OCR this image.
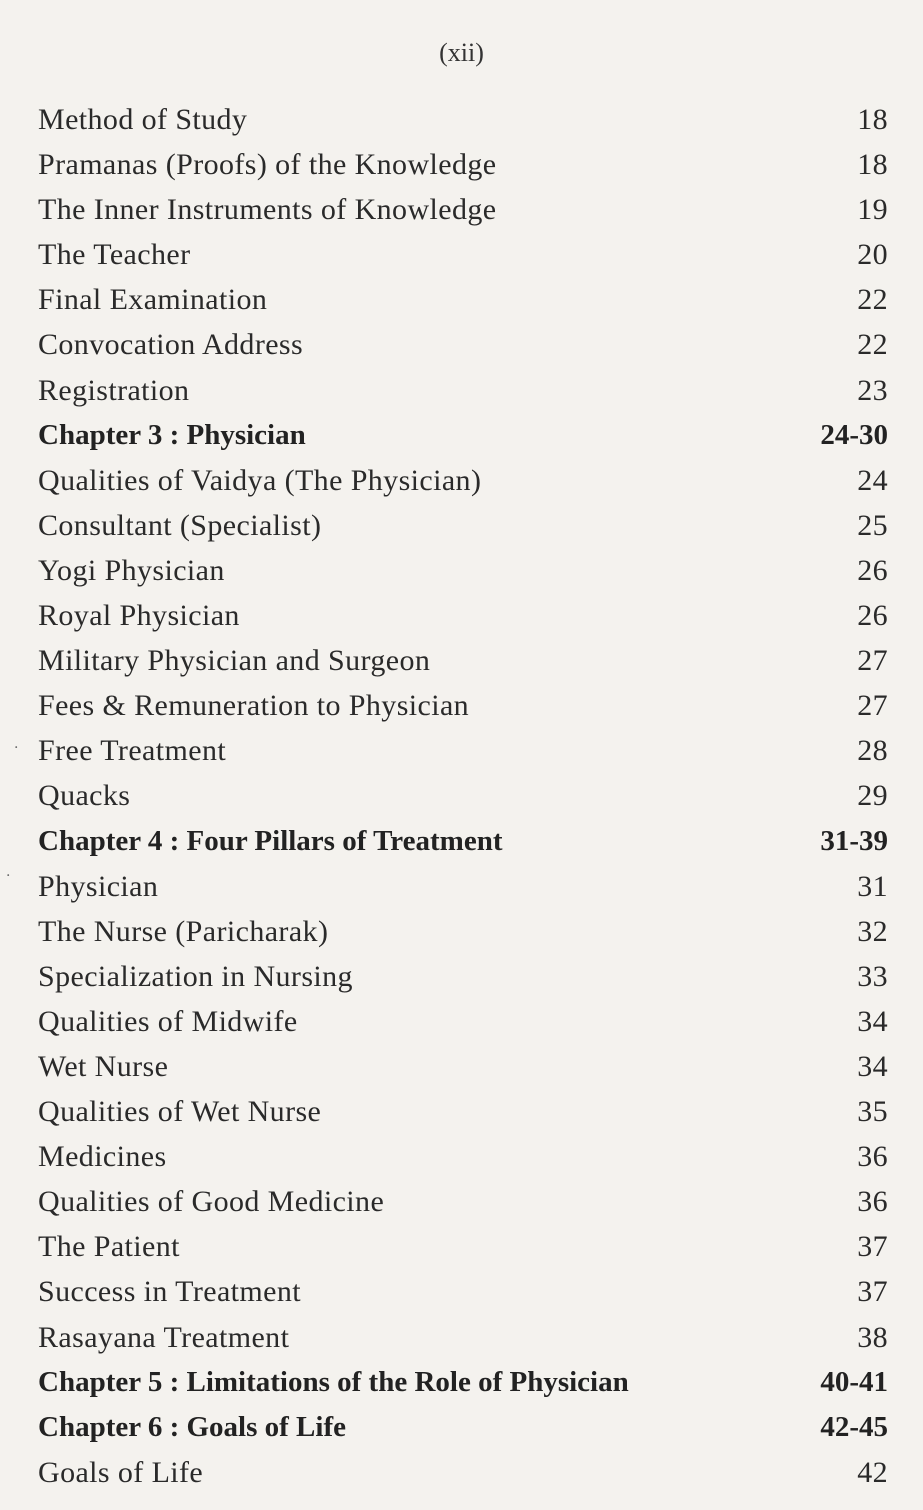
(xii)
Method of Study	18
Pramanas (Proofs) of the Knowledge	18
The Inner Instruments of Knowledge	19
The Teacher	20
Final Examination	22
Convocation Address	22
Registration	23
Chapter 3 : Physician	24-30
Qualities of Vaidya (The Physician)	24
Consultant (Specialist)	25
Yogi Physician	26
Royal Physician	26
Military Physician and Surgeon	27
Fees & Remuneration to Physician	27
Free Treatment	28
Quacks	29
Chapter 4 : Four Pillars of Treatment	31-39
Physician	31
The Nurse (Paricharak)	32
Specialization in Nursing	33
Qualities of Midwife	34
Wet Nurse	34
Qualities of Wet Nurse	35
Medicines	36
Qualities of Good Medicine	36
The Patient	37
Success in Treatment	37
Rasayana Treatment	38
Chapter 5 : Limitations of the Role of Physician	40-41
Chapter 6 : Goals of Life	42-45
Goals of Life	42
·
·
